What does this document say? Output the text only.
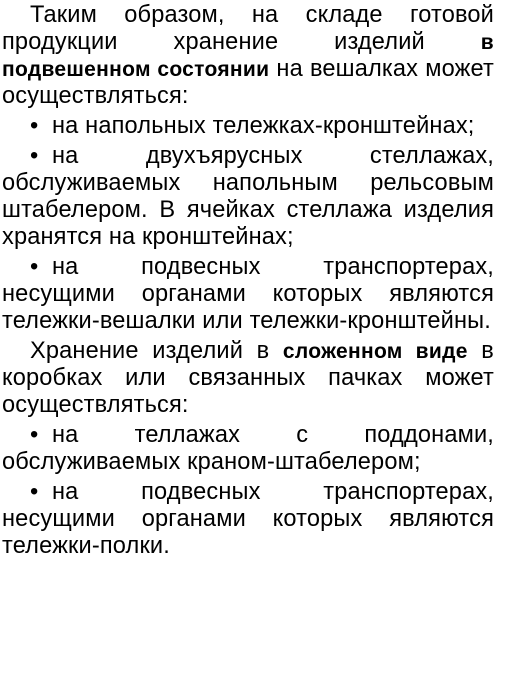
Таким образом, на складе готовой продукции хранение изделий в подвешенном состоянии на вешалках может осуществляться:

• на напольных тележках-кронштейнах;

• на двухъярусных стеллажах, обслуживаемых напольным рельсовым штабелером. В ячейках стеллажа изделия хранятся на кронштейнах;

• на подвесных транспортерах, несущими органами которых являются тележки-вешалки или тележки-кронштейны.

Хранение изделий в сложенном виде в коробках или связанных пачках может осуществляться:

• на теллажах с поддонами, обслуживаемых краном-штабелером;

• на подвесных транспортерах, несущими органами которых являются тележки-полки.
